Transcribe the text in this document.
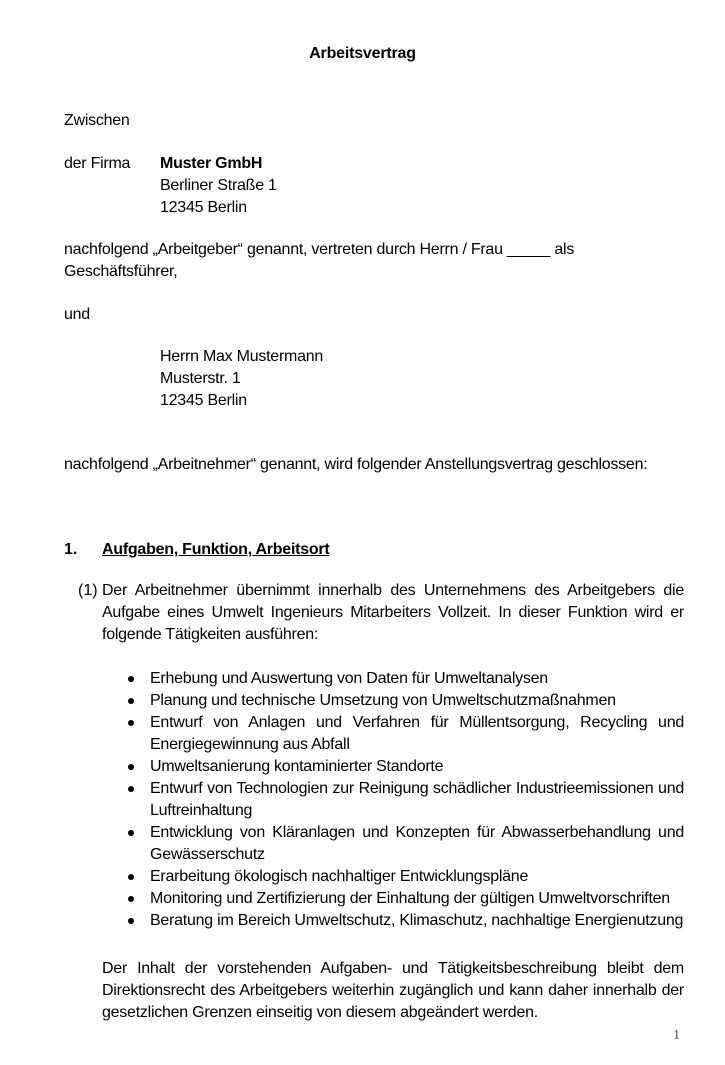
Arbeitsvertrag
Zwischen
der Firma Muster GmbH
Berliner Straße 1
12345 Berlin
nachfolgend „Arbeitgeber“ genannt, vertreten durch Herrn / Frau _____ als
Geschäftsführer,
und
Herrn Max Mustermann
Musterstr. 1
12345 Berlin
nachfolgend „Arbeitnehmer“ genannt, wird folgender Anstellungsvertrag geschlossen:
1. Aufgaben, Funktion, Arbeitsort
(1) Der Arbeitnehmer übernimmt innerhalb des Unternehmens des Arbeitgebers die Aufgabe eines Umwelt Ingenieurs Mitarbeiters Vollzeit. In dieser Funktion wird er folgende Tätigkeiten ausführen:
Erhebung und Auswertung von Daten für Umweltanalysen
Planung und technische Umsetzung von Umweltschutzmaßnahmen
Entwurf von Anlagen und Verfahren für Müllentsorgung, Recycling und Energiegewinnung aus Abfall
Umweltsanierung kontaminierter Standorte
Entwurf von Technologien zur Reinigung schädlicher Industrieemissionen und Luftreinhaltung
Entwicklung von Kläranlagen und Konzepten für Abwasserbehandlung und Gewässerschutz
Erarbeitung ökologisch nachhaltiger Entwicklungspläne
Monitoring und Zertifizierung der Einhaltung der gültigen Umweltvorschriften
Beratung im Bereich Umweltschutz, Klimaschutz, nachhaltige Energienutzung
Der Inhalt der vorstehenden Aufgaben- und Tätigkeitsbeschreibung bleibt dem Direktionsrecht des Arbeitgebers weiterhin zugänglich und kann daher innerhalb der gesetzlichen Grenzen einseitig von diesem abgeändert werden.
1
